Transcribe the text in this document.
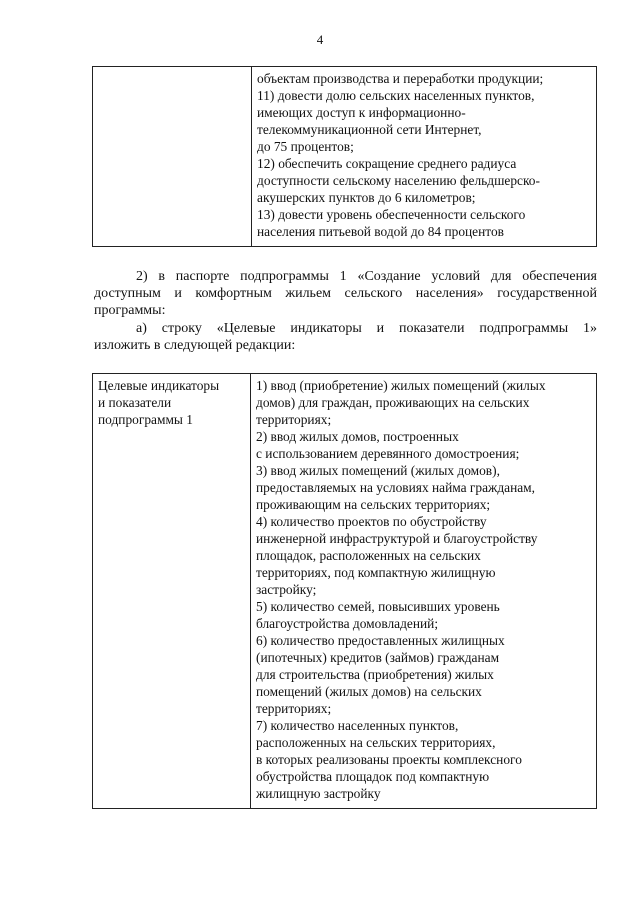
4

объектам производства и переработки продукции;
11) довести долю сельских населенных пунктов,
имеющих доступ к информационно-
телекоммуникационной сети Интернет,
до 75 процентов;
12) обеспечить сокращение среднего радиуса
доступности сельскому населению фельдшерско-
акушерских пунктов до 6 километров;
13) довести уровень обеспеченности сельского
населения питьевой водой до 84 процентов
2) в паспорте подпрограммы 1 «Создание условий для обеспечения
доступным и комфортным жильем сельского населения» государственной
программы:
а) строку «Целевые индикаторы и показатели подпрограммы 1»
изложить в следующей редакции:
Целевые индикаторы
и показатели
подпрограммы 1

1) ввод (приобретение) жилых помещений (жилых
домов) для граждан, проживающих на сельских
территориях;
2) ввод жилых домов, построенных
с использованием деревянного домостроения;
3) ввод жилых помещений (жилых домов),
предоставляемых на условиях найма гражданам,
проживающим на сельских территориях;
4) количество проектов по обустройству
инженерной инфраструктурой и благоустройству
площадок, расположенных на сельских
территориях, под компактную жилищную
застройку;
5) количество семей, повысивших уровень
благоустройства домовладений;
6) количество предоставленных жилищных
(ипотечных) кредитов (займов) гражданам
для строительства (приобретения) жилых
помещений (жилых домов) на сельских
территориях;
7) количество населенных пунктов,
расположенных на сельских территориях,
в которых реализованы проекты комплексного
обустройства площадок под компактную
жилищную застройку
